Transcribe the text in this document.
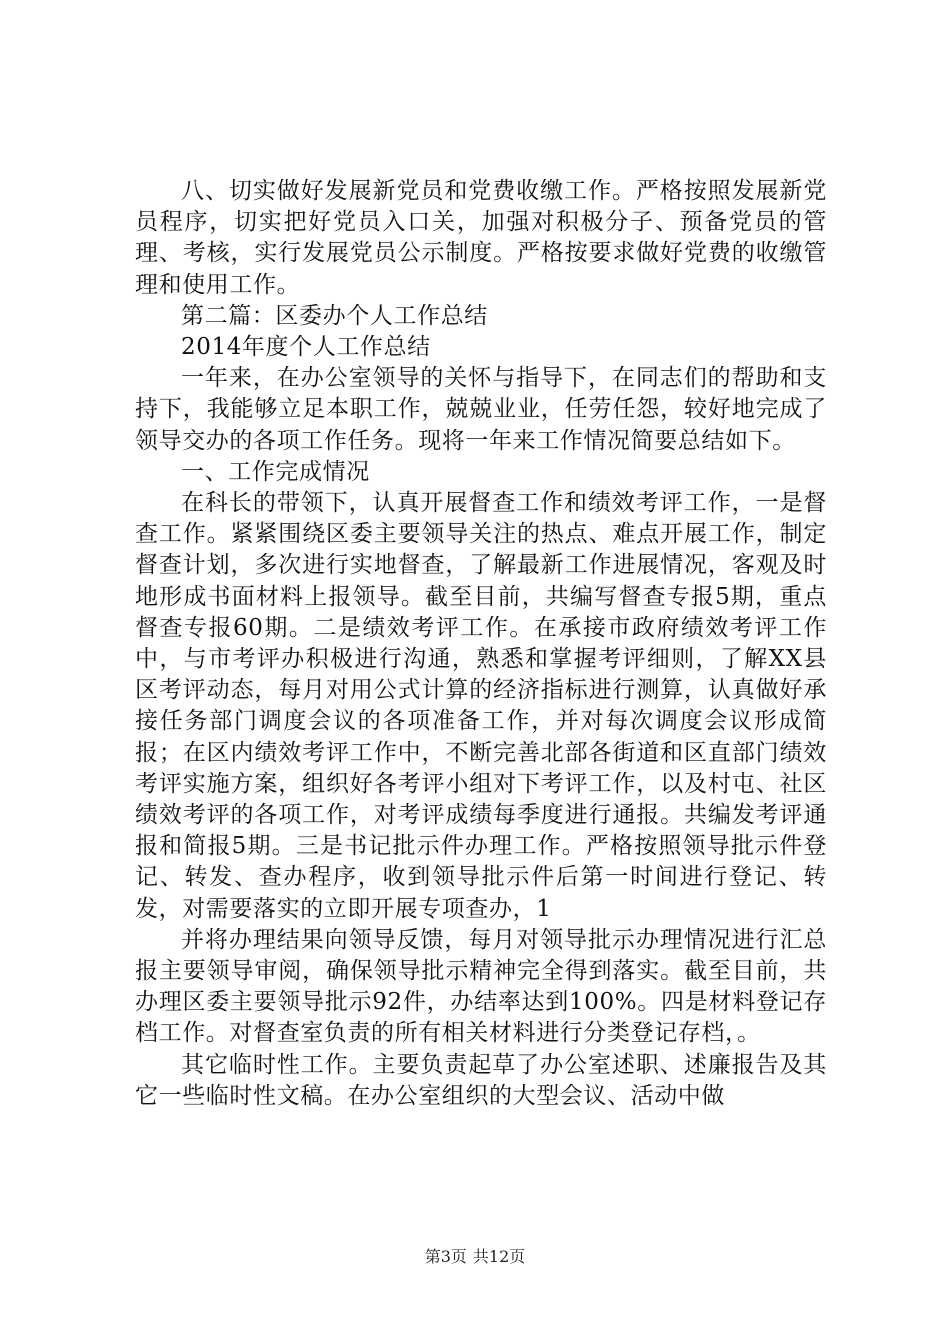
八、切实做好发展新党员和党费收缴工作。严格按照发展新党员程序，切实把好党员入口关，加强对积极分子、预备党员的管理、考核，实行发展党员公示制度。严格按要求做好党费的收缴管理和使用工作。

第二篇：区委办个人工作总结

2014年度个人工作总结

一年来，在办公室领导的关怀与指导下，在同志们的帮助和支持下，我能够立足本职工作，兢兢业业，任劳任怨，较好地完成了领导交办的各项工作任务。现将一年来工作情况简要总结如下。

一、工作完成情况

在科长的带领下，认真开展督查工作和绩效考评工作，一是督查工作。紧紧围绕区委主要领导关注的热点、难点开展工作，制定督查计划，多次进行实地督查，了解最新工作进展情况，客观及时地形成书面材料上报领导。截至目前，共编写督查专报5期，重点督查专报60期。二是绩效考评工作。在承接市政府绩效考评工作中，与市考评办积极进行沟通，熟悉和掌握考评细则，了解XX县区考评动态，每月对用公式计算的经济指标进行测算，认真做好承接任务部门调度会议的各项准备工作，并对每次调度会议形成简报；在区内绩效考评工作中，不断完善北部各街道和区直部门绩效考评实施方案，组织好各考评小组对下考评工作，以及村屯、社区绩效考评的各项工作，对考评成绩每季度进行通报。共编发考评通报和简报5期。三是书记批示件办理工作。严格按照领导批示件登记、转发、查办程序，收到领导批示件后第一时间进行登记、转发，对需要落实的立即开展专项查办，1

并将办理结果向领导反馈，每月对领导批示办理情况进行汇总报主要领导审阅，确保领导批示精神完全得到落实。截至目前，共办理区委主要领导批示92件，办结率达到100%。四是材料登记存档工作。对督查室负责的所有相关材料进行分类登记存档，。

其它临时性工作。主要负责起草了办公室述职、述廉报告及其它一些临时性文稿。在办公室组织的大型会议、活动中做

第3页 共12页
